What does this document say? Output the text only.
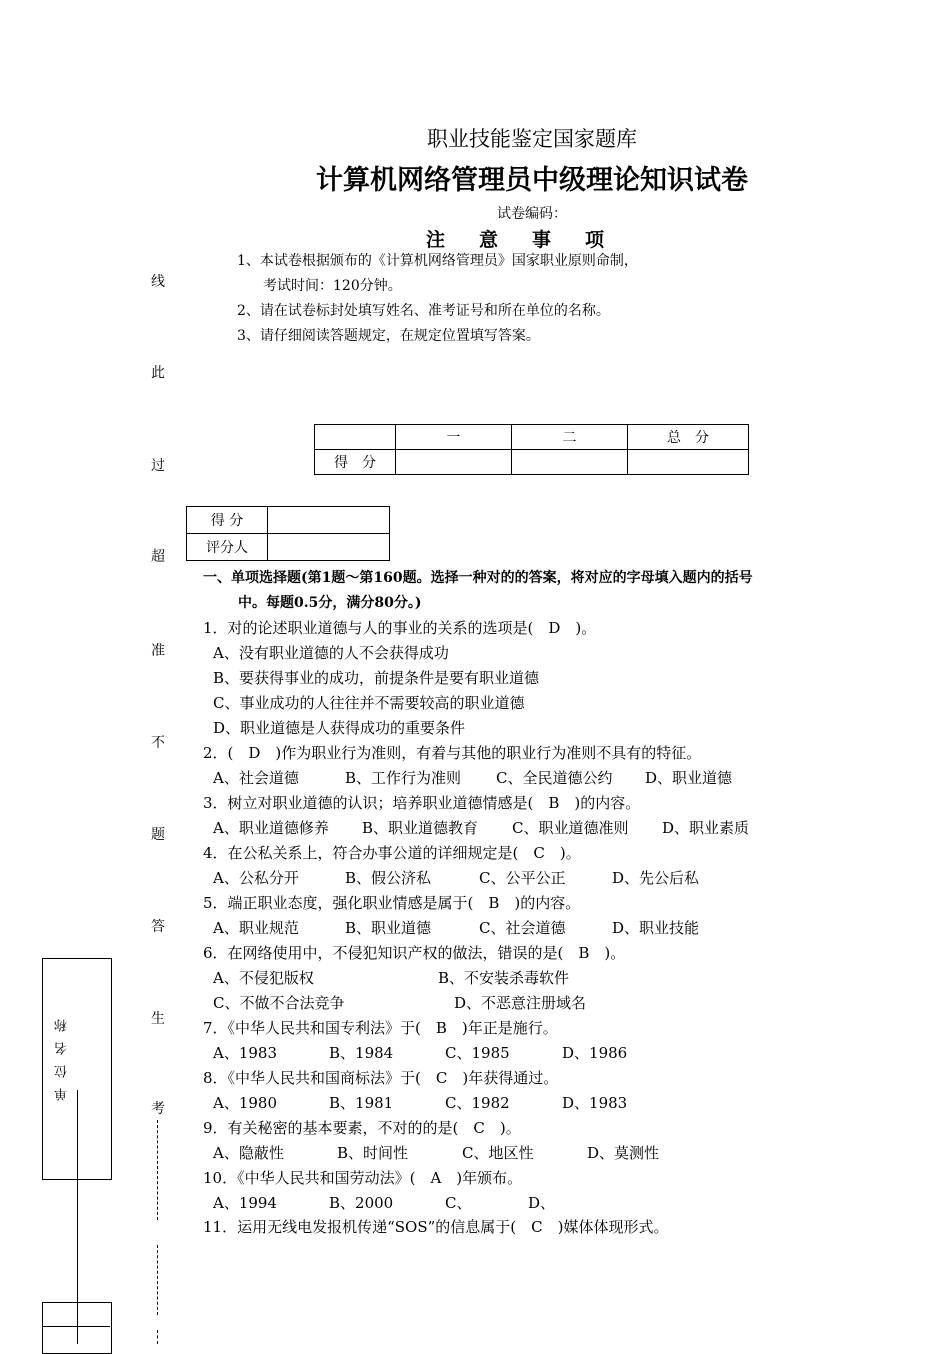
职业技能鉴定国家题库
计算机网络管理员中级理论知识试卷
试卷编码：
注意事项
1、本试卷根据颁布的《计算机网络管理员》国家职业原则命制，
考试时间：120分钟。
2、请在试卷标封处填写姓名、准考证号和所在单位的名称。
3、请仔细阅读答题规定，在规定位置填写答案。
	一	二	总　分
得　分			
得 分	
评分人	
线
此
过
超
准
不
题
答
生
考
单位名称
一、单项选择题(第1题～第160题。选择一种对的的答案，将对应的字母填入题内的括号
中。每题0.5分，满分80分。)
1．对的论述职业道德与人的事业的关系的选项是(　D　)。
A、没有职业道德的人不会获得成功
B、要获得事业的成功，前提条件是要有职业道德
C、事业成功的人往往并不需要较高的职业道德
D、职业道德是人获得成功的重要条件
2．(　D　)作为职业行为准则，有着与其他的职业行为准则不具有的特征。
A、社会道德	B、工作行为准则 C、全民道德公约 D、职业道德
3．树立对职业道德的认识；培养职业道德情感是(　B　)的内容。
A、职业道德修养 B、职业道德教育 C、职业道德准则 D、职业素质
4．在公私关系上，符合办事公道的详细规定是(　C　)。
A、公私分开	B、假公济私	C、公平公正	D、先公后私
5．端正职业态度，强化职业情感是属于(　B　)的内容。
A、职业规范	B、职业道德	C、社会道德	D、职业技能
6．在网络使用中，不侵犯知识产权的做法，错误的是(　B　)。
A、不侵犯版权	B、不安装杀毒软件
C、不做不合法竞争	D、不恶意注册域名
7．《中华人民共和国专利法》于(　B　)年正是施行。
A、1983	B、1984	C、1985	D、1986
8．《中华人民共和国商标法》于(　C　)年获得通过。
A、1980	B、1981	C、1982	D、1983
9．有关秘密的基本要素，不对的的是(　C　)。
A、隐蔽性	B、时间性	C、地区性	D、莫测性
10．《中华人民共和国劳动法》(　A　)年颁布。
A、1994	B、2000	C、	D、
11．运用无线电发报机传递“SOS”的信息属于(　C　)媒体体现形式。
